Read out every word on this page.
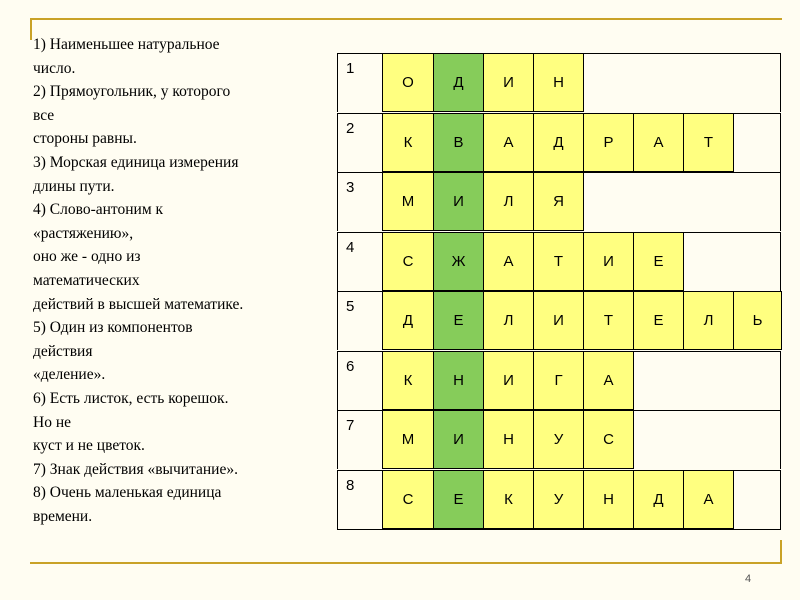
1) Наименьшее натуральное
число.
2) Прямоугольник, у которого
все
стороны равны.
3) Морская единица измерения
длины пути.
4) Слово-антоним к
«растяжению»,
оно же - одно из
математических
действий в высшей математике.
5) Один из компонентов
действия
«деление».
6) Есть листок, есть корешок.
Но не
куст и не цветок.
7) Знак действия «вычитание».
8) Очень маленькая единица
времени.
1
О	Д	И	Н
2
К	В	А	Д	Р	А	Т
3
М	И	Л	Я
4
С	Ж	А	Т	И	Е
5
Д	Е	Л	И	Т	Е	Л	Ь
6
К	Н	И	Г	А
7
М	И	Н	У	С
8
С	Е	К	У	Н	Д	А
4
